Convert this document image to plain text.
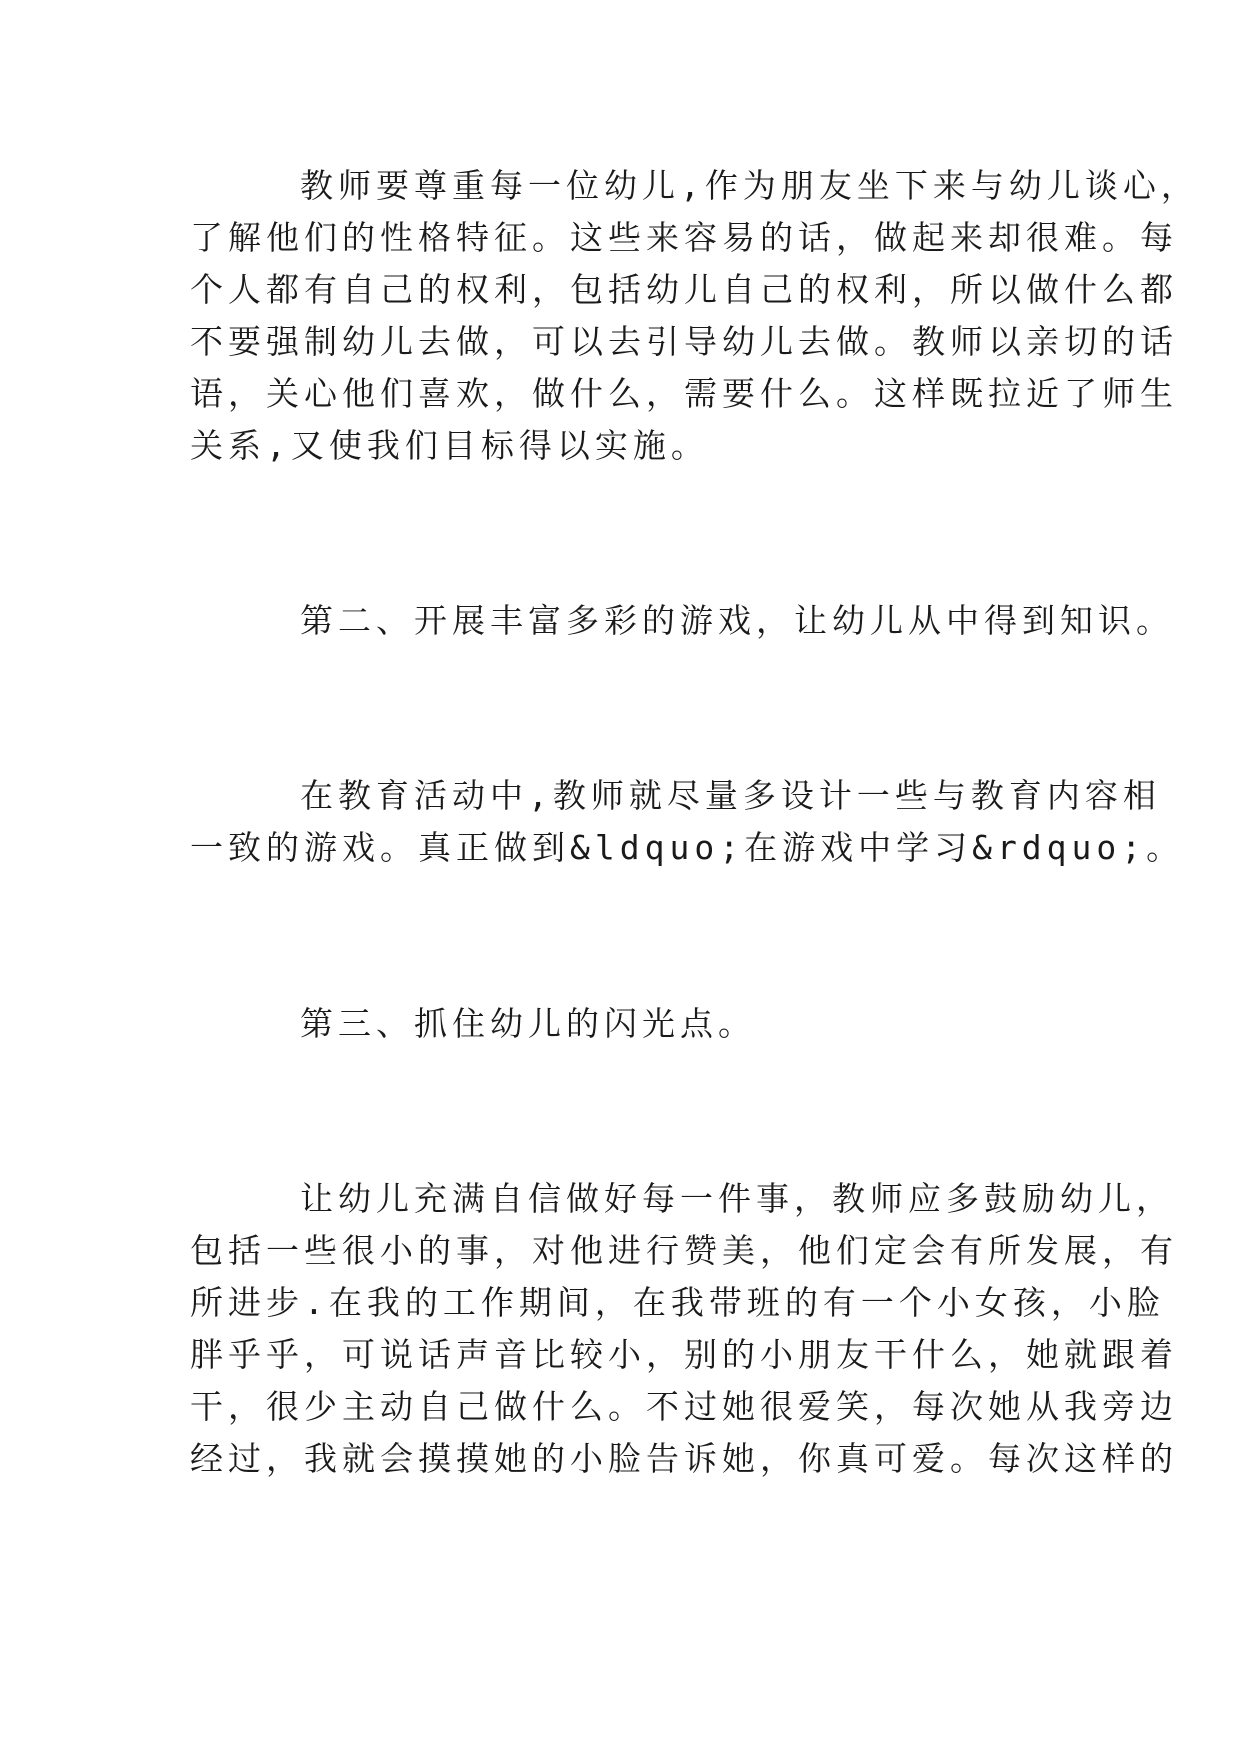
教师要尊重每一位幼儿,作为朋友坐下来与幼儿谈心，

了解他们的性格特征。这些来容易的话，做起来却很难。每

个人都有自己的权利，包括幼儿自己的权利，所以做什么都

不要强制幼儿去做，可以去引导幼儿去做。教师以亲切的话

语，关心他们喜欢，做什么，需要什么。这样既拉近了师生

关系,又使我们目标得以实施。

第二、开展丰富多彩的游戏，让幼儿从中得到知识。

在教育活动中,教师就尽量多设计一些与教育内容相

一致的游戏。真正做到&ldquo;在游戏中学习&rdquo;。

第三、抓住幼儿的闪光点。

让幼儿充满自信做好每一件事，教师应多鼓励幼儿，

包括一些很小的事，对他进行赞美，他们定会有所发展，有

所进步.在我的工作期间，在我带班的有一个小女孩，小脸

胖乎乎，可说话声音比较小，别的小朋友干什么，她就跟着

干，很少主动自己做什么。不过她很爱笑，每次她从我旁边

经过，我就会摸摸她的小脸告诉她，你真可爱。每次这样的
